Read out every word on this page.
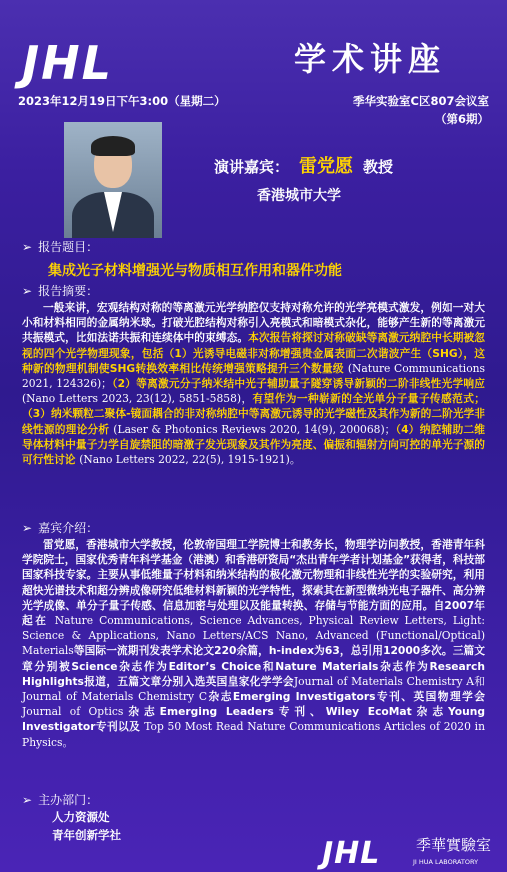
JHL	学术讲座
2023年12月19日下午3:00（星期二）	季华实验室C区807会议室
（第6期）
演讲嘉宾： 雷党愿 教授
香港城市大学
➢ 报告题目：
集成光子材料增强光与物质相互作用和器件功能
➢ 报告摘要：
一般来讲，宏观结构对称的等离激元光学纳腔仅支持对称允许的光学亮模式激发，例如一对大小和材料相同的金属纳米球。打破光腔结构对称引入亮模式和暗模式杂化，能够产生新的等离激元共振模式，比如法诺共振和连续体中的束缚态。本次报告将探讨对称破缺等离激元纳腔中长期被忽视的四个光学物理现象，包括（1）光诱导电磁非对称增强贵金属表面二次谐波产生（SHG），这种新的物理机制使SHG转换效率相比传统增强策略提升三个数量级 (Nature Communications 2021, 124326)；（2）等离激元分子纳米结中光子辅助量子隧穿诱导新颖的二阶非线性光学响应 (Nano Letters 2023, 23(12), 5851-5858)，有望作为一种崭新的全光单分子量子传感范式；（3）纳米颗粒二聚体-镜面耦合的非对称纳腔中等离激元诱导的光学磁性及其作为新的二阶光学非线性源的理论分析 (Laser & Photonics Reviews 2020, 14(9), 200068)；（4）纳腔辅助二维导体材料中量子力学自旋禁阻的暗激子发光现象及其作为亮度、偏振和辐射方向可控的单光子源的可行性讨论 (Nano Letters 2022, 22(5), 1915-1921)。
➢ 嘉宾介绍：
雷党愿，香港城市大学教授，伦敦帝国理工学院博士和教务长，物理学访问教授，香港青年科学院院士，国家优秀青年科学基金（港澳）和香港研资局“杰出青年学者计划基金”获得者，科技部国家科技专家。主要从事低维量子材料和纳米结构的极化激元物理和非线性光学的实验研究，利用超快光谱技术和超分辨成像研究低维材料新颖的光学特性，探索其在新型微纳光电子器件、高分辨光学成像、单分子量子传感、信息加密与处理以及能量转换、存储与节能方面的应用。自2007年起在 Nature Communications, Science Advances, Physical Review Letters, Light: Science & Applications, Nano Letters/ACS Nano, Advanced (Functional/Optical) Materials等国际一流期刊发表学术论文220余篇，h-index为63，总引用12000多次。三篇文章分别被Science杂志作为Editor’s Choice和Nature Materials杂志作为Research Highlights报道，五篇文章分别入选英国皇家化学学会Journal of Materials Chemistry A和Journal of Materials Chemistry C杂志Emerging Investigators专刊、英国物理学会Journal of Optics杂志Emerging Leaders专刊、Wiley EcoMat杂志Young Investigator专刊以及 Top 50 Most Read Nature Communications Articles of 2020 in Physics。
➢ 主办部门：
人力资源处
青年创新学社
JHL 季華實驗室
JI HUA LABORATORY
